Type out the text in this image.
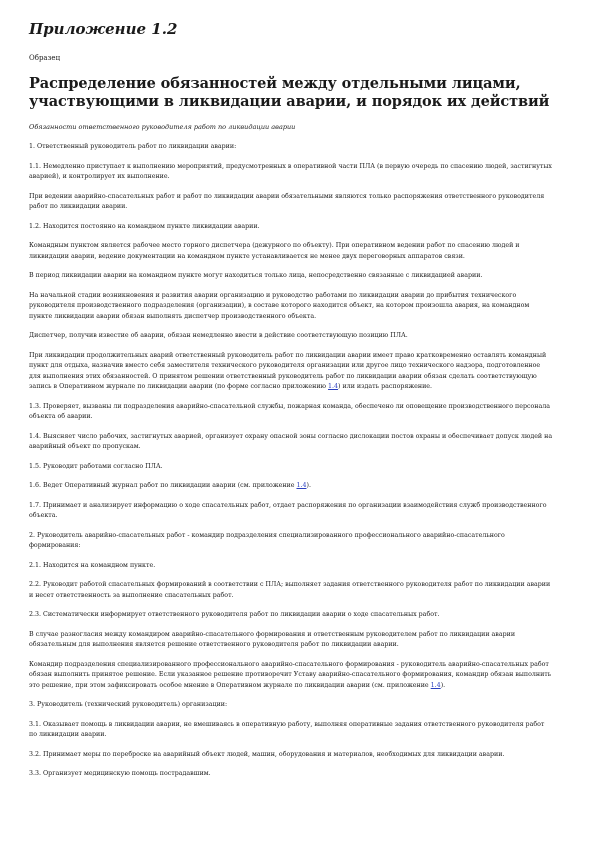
Приложение 1.2
Образец
Распределение обязанностей между отдельными лицами, участвующими в ликвидации аварии, и порядок их действий
Обязанности ответственного руководителя работ по ликвидации аварии

1. Ответственный руководитель работ по ликвидации аварии:

1.1. Немедленно приступает к выполнению мероприятий, предусмотренных в оперативной части ПЛА (в первую очередь по спасению людей, застигнутых аварией), и контролирует их выполнение.

При ведении аварийно-спасательных работ и работ по ликвидации аварии обязательными являются только распоряжения ответственного руководителя работ по ликвидации аварии.

1.2. Находится постоянно на командном пункте ликвидации аварии.

Командным пунктом является рабочее место горного диспетчера (дежурного по объекту). При оперативном ведении работ по спасению людей и ликвидации аварии, ведение документации на командном пункте устанавливается не менее двух переговорных аппаратов связи.

В период ликвидации аварии на командном пункте могут находиться только лица, непосредственно связанные с ликвидацией аварии.

На начальной стадии возникновения и развития аварии организацию и руководство работами по ликвидации аварии до прибытия технического руководителя производственного подразделения (организации), в составе которого находится объект, на котором произошла авария, на командном пункте ликвидации аварии обязан выполнять диспетчер производственного объекта.

Диспетчер, получив известие об аварии, обязан немедленно ввести в действие соответствующую позицию ПЛА.

При ликвидации продолжительных аварий ответственный руководитель работ по ликвидации аварии имеет право кратковременно оставлять командный пункт для отдыха, назначив вместо себя заместителя технического руководителя организации или другое лицо технического надзора, подготовленное для выполнения этих обязанностей. О принятом решении ответственный руководитель работ по ликвидации аварии обязан сделать соответствующую запись в Оперативном журнале по ликвидации аварии (по форме согласно приложению 1.4) или издать распоряжение.

1.3. Проверяет, вызваны ли подразделения аварийно-спасательной службы, пожарная команда, обеспечено ли оповещение производственного персонала объекта об аварии.

1.4. Выясняет число рабочих, застигнутых аварией, организует охрану опасной зоны согласно дислокации постов охраны и обеспечивает допуск людей на аварийный объект по пропускам.

1.5. Руководит работами согласно ПЛА.

1.6. Ведет Оперативный журнал работ по ликвидации аварии (см. приложение 1.4).

1.7. Принимает и анализирует информацию о ходе спасательных работ, отдает распоряжения по организации взаимодействия служб производственного объекта.

2. Руководитель аварийно-спасательных работ - командир подразделения специализированного профессионального аварийно-спасательного формирования:

2.1. Находится на командном пункте.

2.2. Руководит работой спасательных формирований в соответствии с ПЛА; выполняет задания ответственного руководителя работ по ликвидации аварии и несет ответственность за выполнение спасательных работ.

2.3. Систематически информирует ответственного руководителя работ по ликвидации аварии о ходе спасательных работ.

В случае разногласия между командиром аварийно-спасательного формирования и ответственным руководителем работ по ликвидации аварии обязательным для выполнения является решение ответственного руководителя работ по ликвидации аварии.

Командир подразделения специализированного профессионального аварийно-спасательного формирования - руководитель аварийно-спасательных работ обязан выполнить принятое решение. Если указанное решение противоречит Уставу аварийно-спасательного формирования, командир обязан выполнить это решение, при этом зафиксировать особое мнение в Оперативном журнале по ликвидации аварии (см. приложение 1.4).

3. Руководитель (технический руководитель) организации:

3.1. Оказывает помощь в ликвидации аварии, не вмешиваясь в оперативную работу, выполняя оперативные задания ответственного руководителя работ по ликвидации аварии.

3.2. Принимает меры по переброске на аварийный объект людей, машин, оборудования и материалов, необходимых для ликвидации аварии.

3.3. Организует медицинскую помощь пострадавшим.
